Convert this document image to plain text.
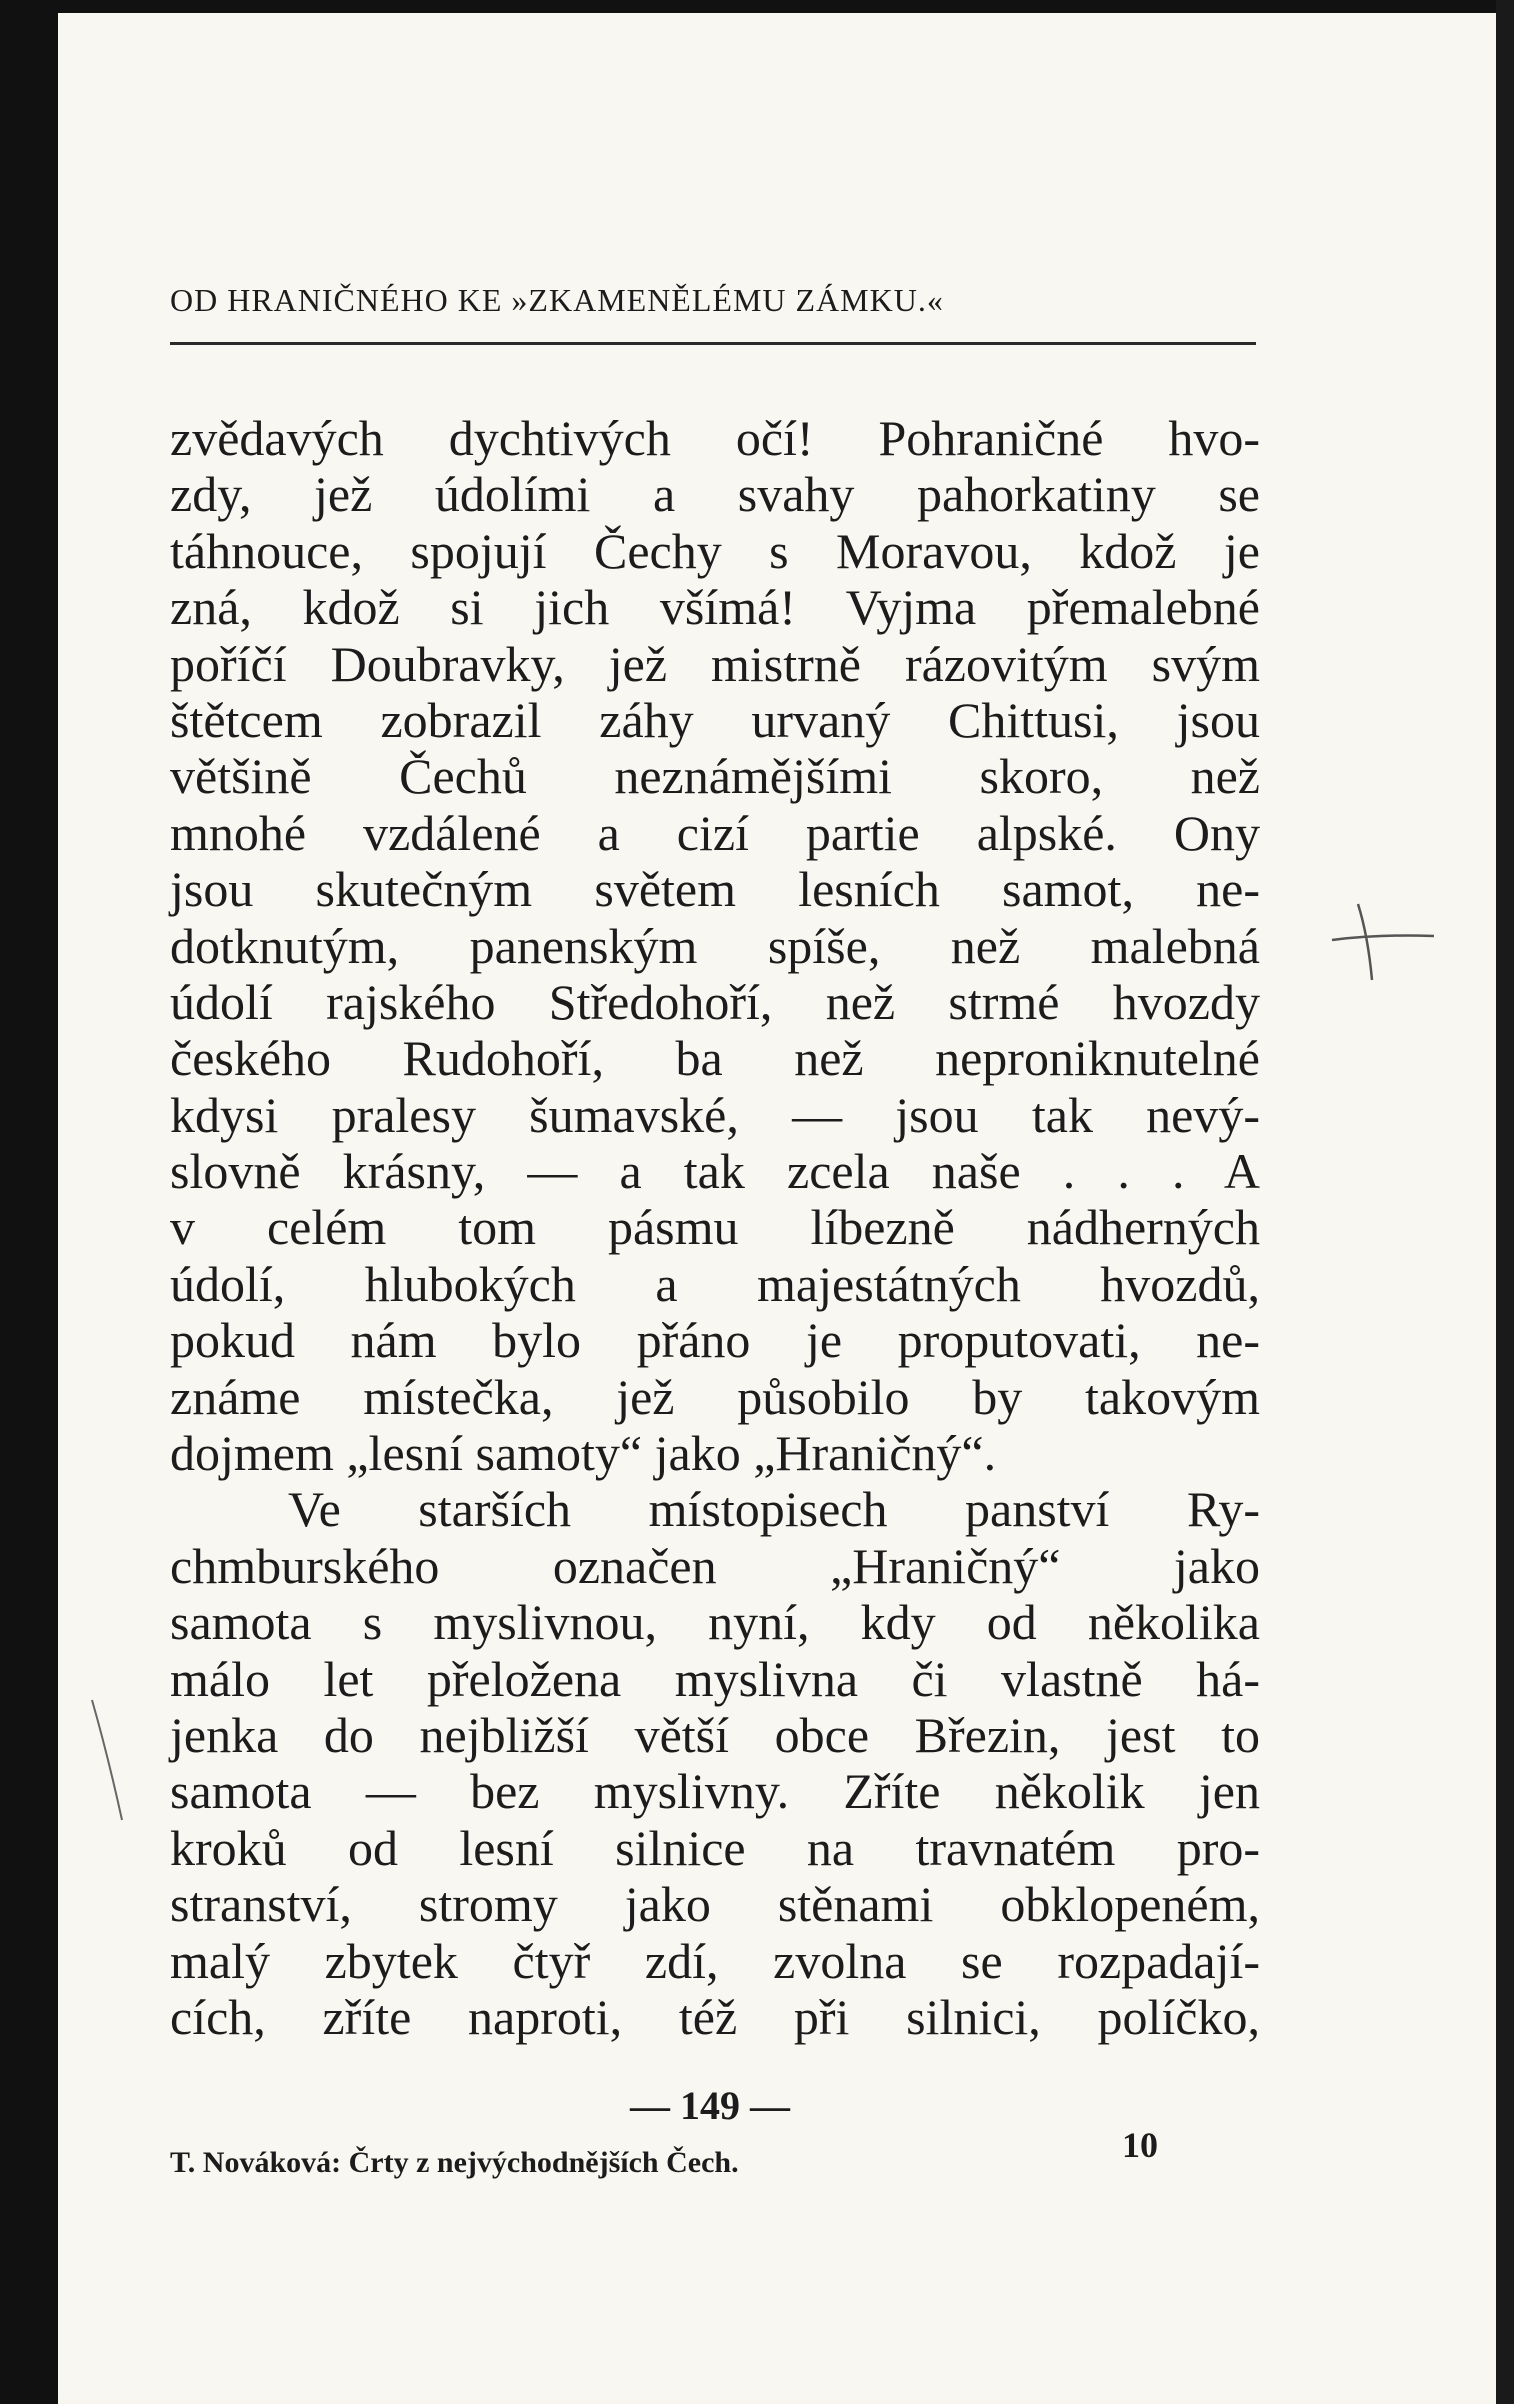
OD HRANIČNÉHO KE »ZKAMENĚLÉMU ZÁMKU.«
zvědavých dychtivých očí! Pohraničné hvo-
zdy, jež údolími a svahy pahorkatiny se
táhnouce, spojují Čechy s Moravou, kdož je
zná, kdož si jich všímá! Vyjma přemalebné
poříčí Doubravky, jež mistrně rázovitým svým
štětcem zobrazil záhy urvaný Chittusi, jsou
většině Čechů neznámějšími skoro, než
mnohé vzdálené a cizí partie alpské. Ony
jsou skutečným světem lesních samot, ne-
dotknutým, panenským spíše, než malebná
údolí rajského Středohoří, než strmé hvozdy
českého Rudohoří, ba než neproniknutelné
kdysi pralesy šumavské, — jsou tak nevý-
slovně krásny, — a tak zcela naše . . . A
v celém tom pásmu líbezně nádherných
údolí, hlubokých a majestátných hvozdů,
pokud nám bylo přáno je proputovati, ne-
známe místečka, jež působilo by takovým
dojmem „lesní samoty“ jako „Hraničný“.
Ve starších místopisech panství Ry-
chmburského označen „Hraničný“ jako
samota s myslivnou, nyní, kdy od několika
málo let přeložena myslivna či vlastně há-
jenka do nejbližší větší obce Březin, jest to
samota — bez myslivny. Zříte několik jen
kroků od lesní silnice na travnatém pro-
stranství, stromy jako stěnami obklopeném,
malý zbytek čtyř zdí, zvolna se rozpadají-
cích, zříte naproti, též při silnici, políčko,
— 149 —
T. Nováková: Črty z nejvýchodnějších Čech.	10
